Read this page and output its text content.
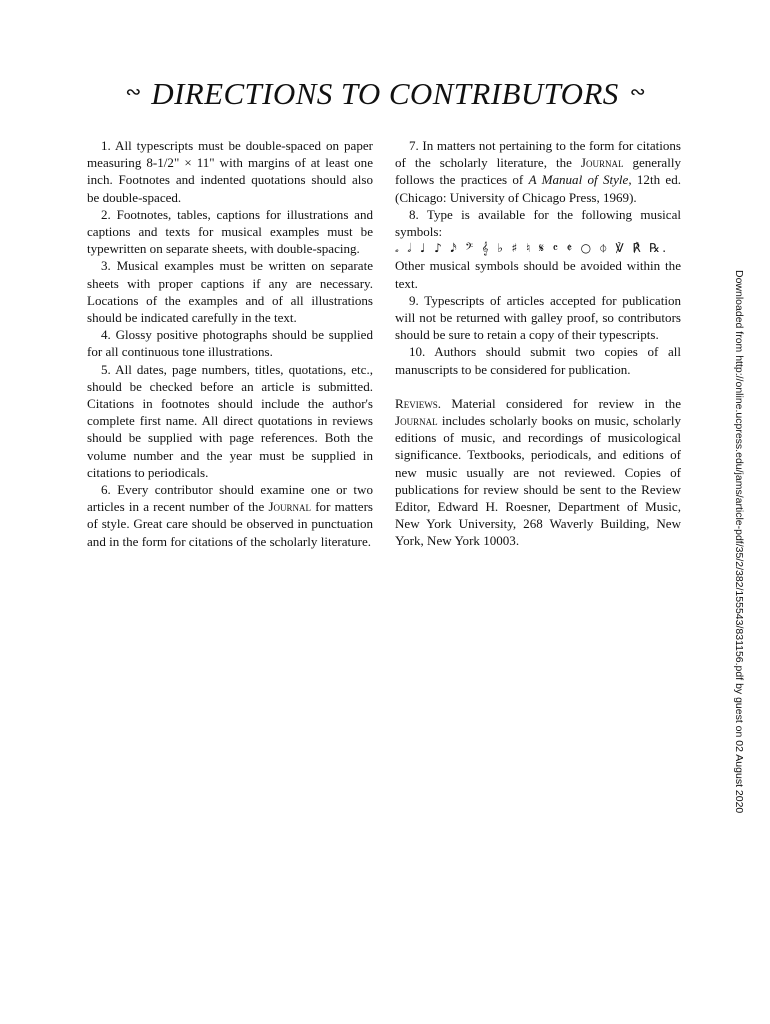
∾ DIRECTIONS TO CONTRIBUTORS ∾

1. All typescripts must be double-spaced on paper measuring 8-1/2" × 11" with margins of at least one inch. Footnotes and indented quotations should also be double-spaced.

2. Footnotes, tables, captions for illustrations and captions and texts for musical examples must be typewritten on separate sheets, with double-spacing.

3. Musical examples must be written on separate sheets with proper captions if any are necessary. Locations of the examples and of all illustrations should be indicated carefully in the text.

4. Glossy positive photographs should be supplied for all continuous tone illustrations.

5. All dates, page numbers, titles, quotations, etc., should be checked before an article is submitted. Citations in footnotes should include the author's complete first name. All direct quotations in reviews should be supplied with page references. Both the volume number and the year must be supplied in citations to periodicals.

6. Every contributor should examine one or two articles in a recent number of the Journal for matters of style. Great care should be observed in punctuation and in the form for citations of the scholarly literature.

7. In matters not pertaining to the form for citations of the scholarly literature, the Journal generally follows the practices of A Manual of Style, 12th ed. (Chicago: University of Chicago Press, 1969).

8. Type is available for the following musical symbols:
𝅗 𝅗𝅥 ♩ ♪ 𝅘𝅥𝅯 𝄢 𝄞 ♭ ♯ ♮ 𝄋 𝄴 𝄵 ○ ⏀ ℣ ℟ ℞.
Other musical symbols should be avoided within the text.

9. Typescripts of articles accepted for publication will not be returned with galley proof, so contributors should be sure to retain a copy of their typescripts.

10. Authors should submit two copies of all manuscripts to be considered for publication.

Reviews. Material considered for review in the Journal includes scholarly books on music, scholarly editions of music, and recordings of musicological significance. Textbooks, periodicals, and editions of new music usually are not reviewed. Copies of publications for review should be sent to the Review Editor, Edward H. Roesner, Department of Music, New York University, 268 Waverly Building, New York, New York 10003.	Downloaded from http://online.ucpress.edu/jams/article-pdf/35/2/382/155543/831156.pdf by guest on 02 August 2020
